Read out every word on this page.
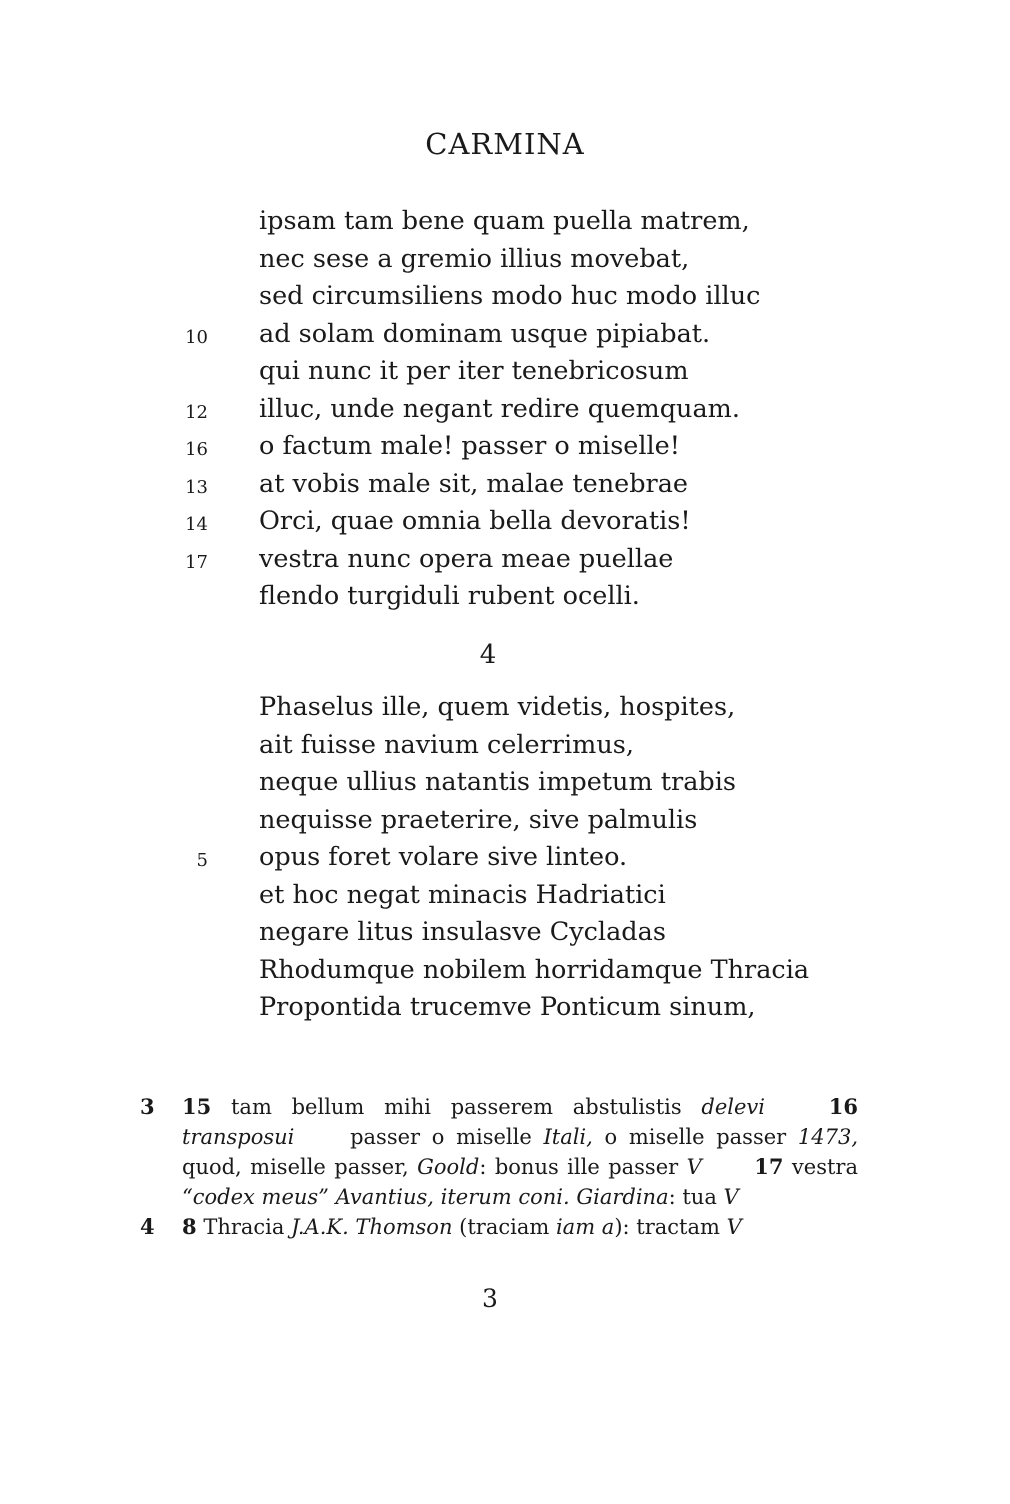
CARMINA
ipsam tam bene quam puella matrem,
nec sese a gremio illius movebat,
sed circumsiliens modo huc modo illuc
10 ad solam dominam usque pipiabat.
qui nunc it per iter tenebricosum
12 illuc, unde negant redire quemquam.
16 o factum male! passer o miselle!
13 at vobis male sit, malae tenebrae
14 Orci, quae omnia bella devoratis!
17 vestra nunc opera meae puellae
flendo turgiduli rubent ocelli.
4
Phaselus ille, quem videtis, hospites,
ait fuisse navium celerrimus,
neque ullius natantis impetum trabis
nequisse praeterire, sive palmulis
5 opus foret volare sive linteo.
et hoc negat minacis Hadriatici
negare litus insulasve Cycladas
Rhodumque nobilem horridamque Thracia
Propontida trucemve Ponticum sinum,
3 15 tam bellum mihi passerem abstulistis delevi	16 transposui	passer o miselle Itali, o miselle passer 1473, quod, miselle passer, Goold: bonus ille passer V 17 vestra “codex meus” Avantius, iterum coni. Giardina: tua V
4 8 Thracia J.A.K. Thomson (traciam iam a): tractam V
3
